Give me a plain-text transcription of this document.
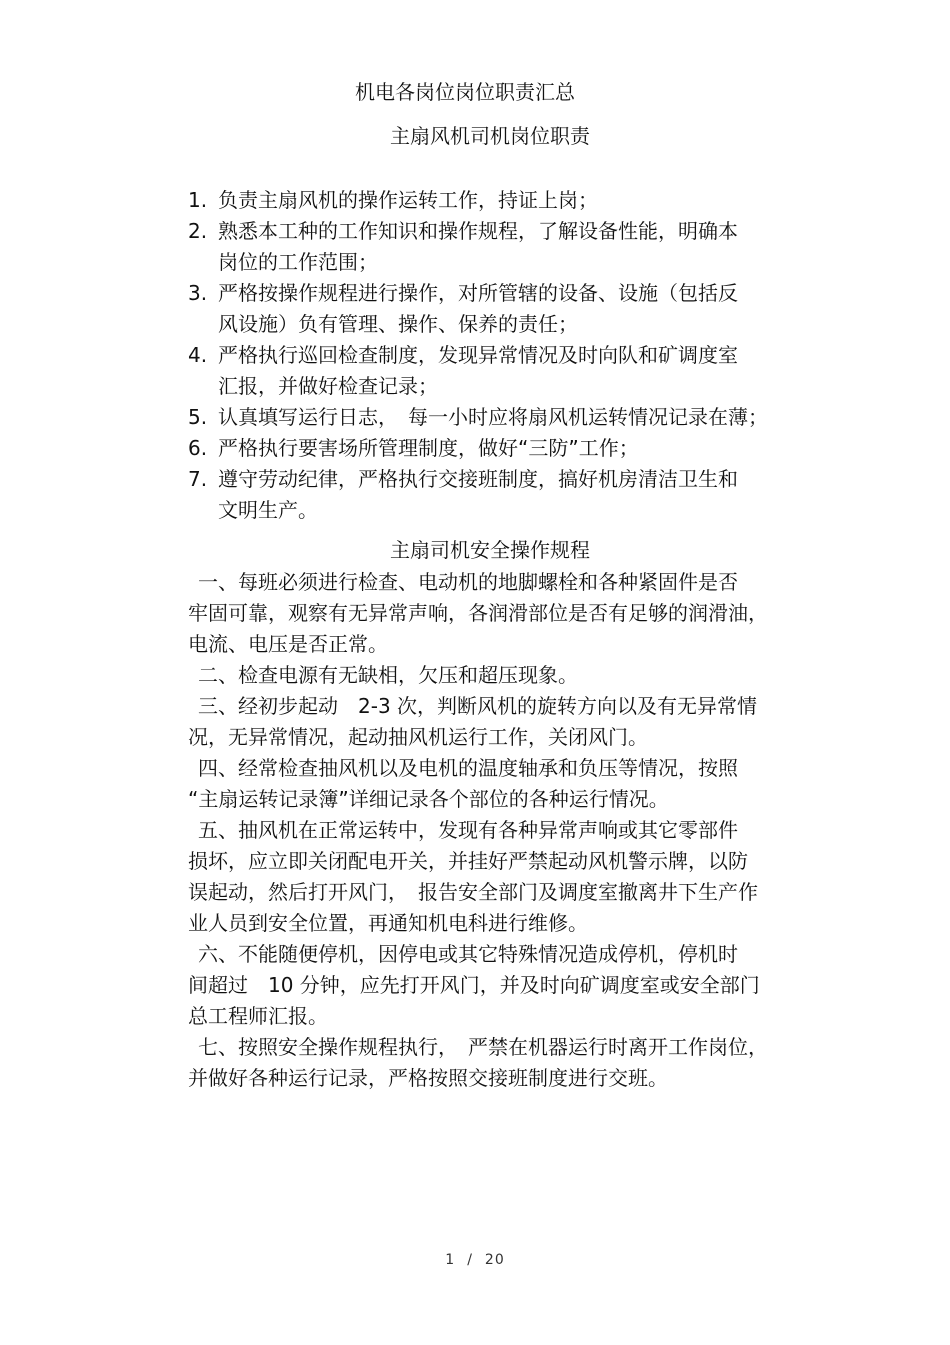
机电各岗位岗位职责汇总
主扇风机司机岗位职责
1. 负责主扇风机的操作运转工作，持证上岗；
2. 熟悉本工种的工作知识和操作规程，了解设备性能，明确本
岗位的工作范围；
3. 严格按操作规程进行操作，对所管辖的设备、设施（包括反
风设施）负有管理、操作、保养的责任；
4. 严格执行巡回检查制度，发现异常情况及时向队和矿调度室
汇报，并做好检查记录；
5. 认真填写运行日志，　每一小时应将扇风机运转情况记录在薄；
6. 严格执行要害场所管理制度，做好“三防”工作；
7. 遵守劳动纪律，严格执行交接班制度，搞好机房清洁卫生和
文明生产。
主扇司机安全操作规程
一、每班必须进行检查、电动机的地脚螺栓和各种紧固件是否
牢固可靠，观察有无异常声响，各润滑部位是否有足够的润滑油，
电流、电压是否正常。
二、检查电源有无缺相，欠压和超压现象。
三、经初步起动　2-3 次，判断风机的旋转方向以及有无异常情
况，无异常情况，起动抽风机运行工作，关闭风门。
四、经常检查抽风机以及电机的温度轴承和负压等情况，按照
“主扇运转记录簿”详细记录各个部位的各种运行情况。
五、抽风机在正常运转中，发现有各种异常声响或其它零部件
损坏，应立即关闭配电开关，并挂好严禁起动风机警示牌，以防
误起动，然后打开风门，　报告安全部门及调度室撤离井下生产作
业人员到安全位置，再通知机电科进行维修。
六、不能随便停机，因停电或其它特殊情况造成停机，停机时
间超过　10 分钟，应先打开风门，并及时向矿调度室或安全部门
总工程师汇报。
七、按照安全操作规程执行，　严禁在机器运行时离开工作岗位，
并做好各种运行记录，严格按照交接班制度进行交班。
1 / 20
